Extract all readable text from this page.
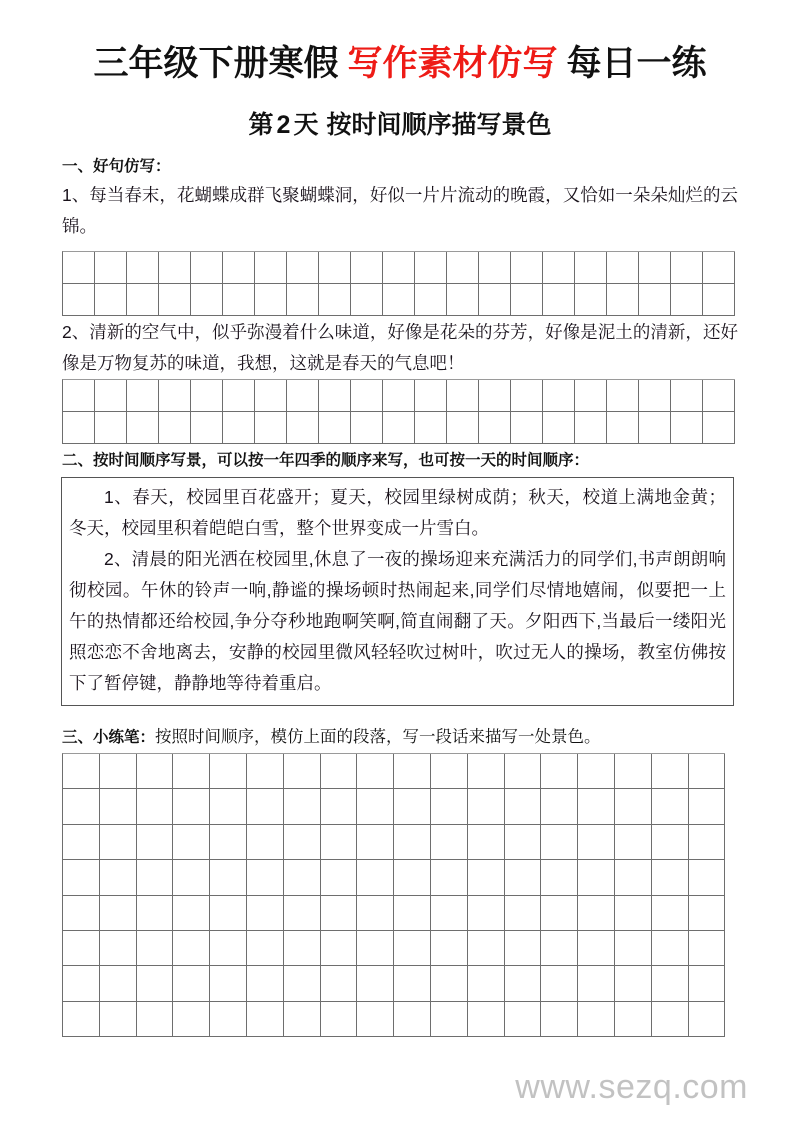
三年级下册寒假 写作素材仿写 每日一练
第 2 天 按时间顺序描写景色
一、好句仿写：
1、每当春末，花蝴蝶成群飞聚蝴蝶洞，好似一片片流动的晚霞，又恰如一朵朵灿烂的云锦。
2、清新的空气中，似乎弥漫着什么味道，好像是花朵的芬芳，好像是泥土的清新，还好像是万物复苏的味道，我想，这就是春天的气息吧！
二、按时间顺序写景，可以按一年四季的顺序来写，也可按一天的时间顺序：

1、春天，校园里百花盛开；夏天，校园里绿树成荫；秋天，校道上满地金黄；冬天，校园里积着皑皑白雪，整个世界变成一片雪白。

2、清晨的阳光洒在校园里,休息了一夜的操场迎来充满活力的同学们,书声朗朗响彻校园。午休的铃声一响,静谧的操场顿时热闹起来,同学们尽情地嬉闹，似要把一上午的热情都还给校园,争分夺秒地跑啊笑啊,简直闹翻了天。夕阳西下,当最后一缕阳光照恋恋不舍地离去，安静的校园里微风轻轻吹过树叶，吹过无人的操场，教室仿佛按下了暂停键，静静地等待着重启。

三、小练笔：按照时间顺序，模仿上面的段落，写一段话来描写一处景色。
www.sezq.com
